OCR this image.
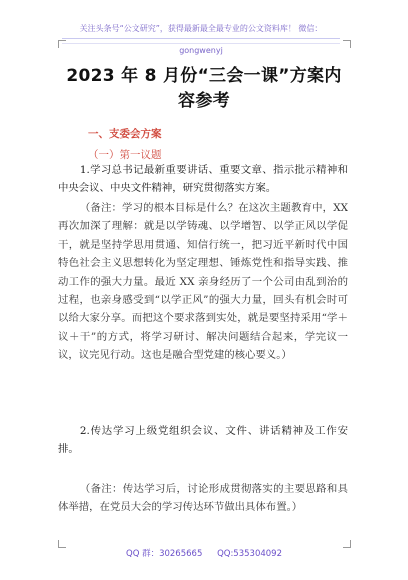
关注头条号“公文研究”，获得最新最全最专业的公文资料库！ 微信：gongwenyj
2023 年 8 月份“三会一课”方案内容参考
一、支委会方案
（一）第一议题

1.学习总书记最新重要讲话、重要文章、指示批示精神和中央会议、中央文件精神，研究贯彻落实方案。

（备注：学习的根本目标是什么？在这次主题教育中，XX 再次加深了理解：就是以学铸魂、以学增智、以学正风以学促干，就是坚持学思用贯通、知信行统一，把习近平新时代中国特色社会主义思想转化为坚定理想、锤炼党性和指导实践、推动工作的强大力量。最近 XX 亲身经历了一个公司由乱到治的过程，也亲身感受到“以学正风”的强大力量，回头有机会时可以给大家分享。而把这个要求落到实处，就是要坚持采用“学＋议＋干”的方式，将学习研讨、解决问题结合起来，学完议一议，议完见行动。这也是融合型党建的核心要义。）

2.传达学习上级党组织会议、文件、讲话精神及工作安排。

（备注：传达学习后，讨论形成贯彻落实的主要思路和具体举措，在党员大会的学习传达环节做出具体布置。）

QQ 群：30265665 QQ:535304092
